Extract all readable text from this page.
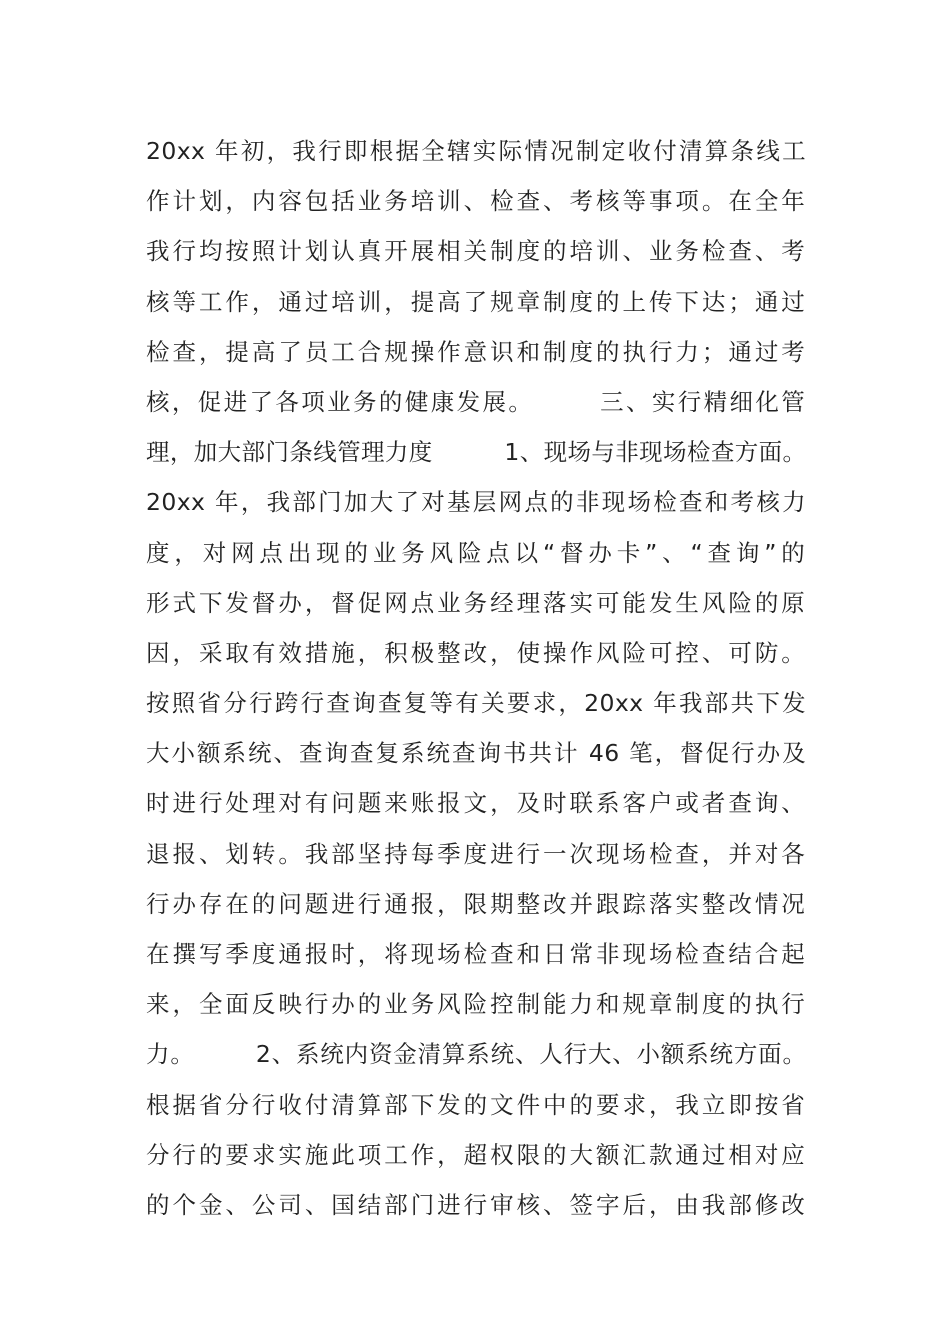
20xx 年初，我行即根据全辖实际情况制定收付清算条线工
作计划，内容包括业务培训、检查、考核等事项。在全年
我行均按照计划认真开展相关制度的培训、业务检查、考
核等工作，通过培训，提高了规章制度的上传下达；通过
检查，提高了员工合规操作意识和制度的执行力；通过考
核，促进了各项业务的健康发展。　　　三、实行精细化管
理，加大部门条线管理力度　　　1、现场与非现场检查方面。
20xx 年，我部门加大了对基层网点的非现场检查和考核力
度，对网点出现的业务风险点以“督办卡”、“查询”的
形式下发督办，督促网点业务经理落实可能发生风险的原
因，采取有效措施，积极整改，使操作风险可控、可防。
按照省分行跨行查询查复等有关要求，20xx 年我部共下发
大小额系统、查询查复系统查询书共计 46 笔，督促行办及
时进行处理对有问题来账报文，及时联系客户或者查询、
退报、划转。我部坚持每季度进行一次现场检查，并对各
行办存在的问题进行通报，限期整改并跟踪落实整改情况
在撰写季度通报时，将现场检查和日常非现场检查结合起
来，全面反映行办的业务风险控制能力和规章制度的执行
力。　　　2、系统内资金清算系统、人行大、小额系统方面。
根据省分行收付清算部下发的文件中的要求，我立即按省
分行的要求实施此项工作，超权限的大额汇款通过相对应
的个金、公司、国结部门进行审核、签字后，由我部修改
